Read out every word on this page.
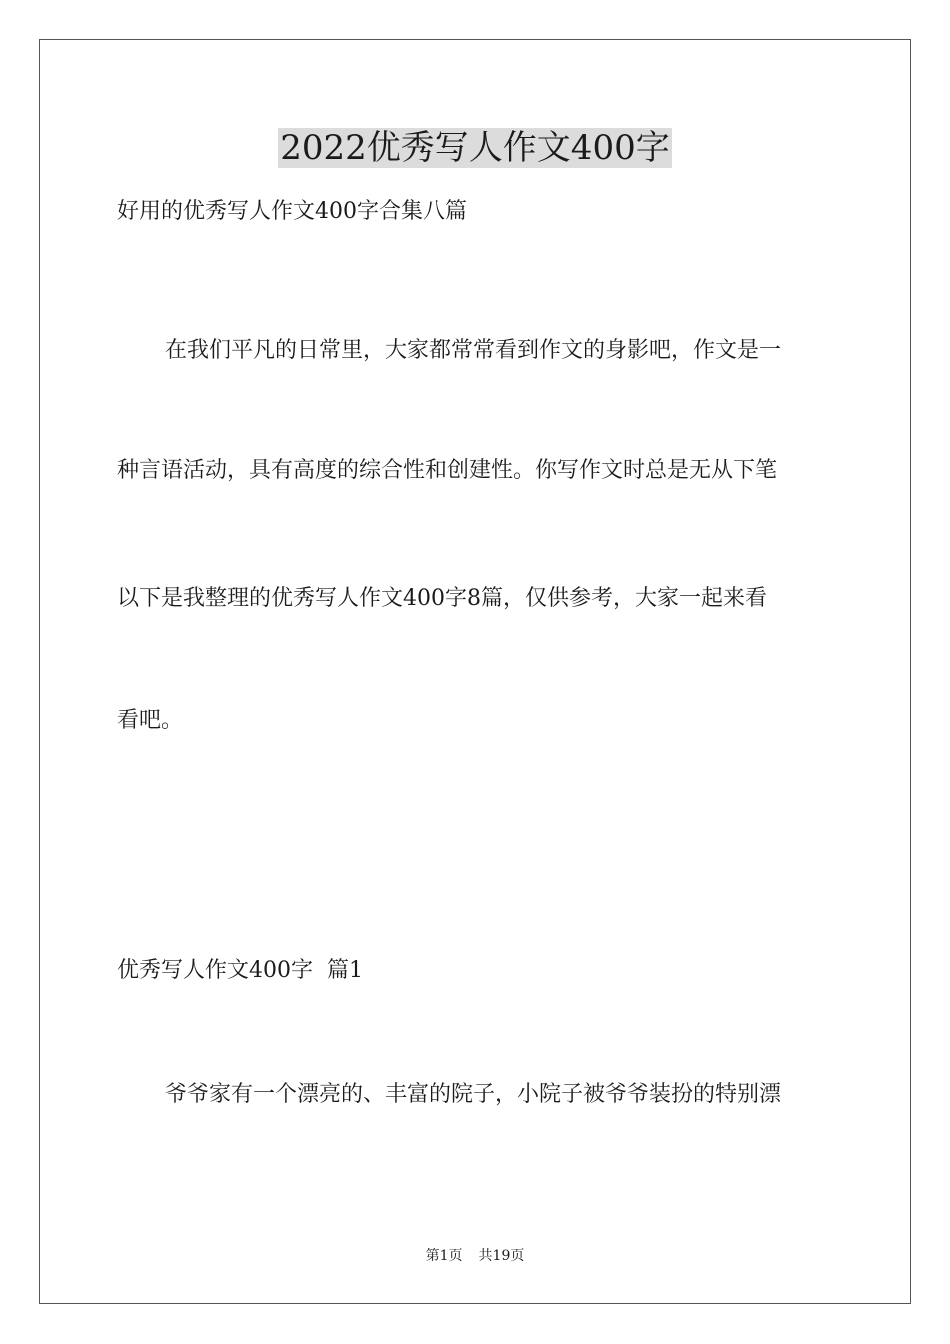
2022优秀写人作文400字
好用的优秀写人作文400字合集八篇
在我们平凡的日常里，大家都常常看到作文的身影吧，作文是一
种言语活动，具有高度的综合性和创建性。你写作文时总是无从下笔
以下是我整理的优秀写人作文400字8篇，仅供参考，大家一起来看
看吧。
优秀写人作文400字  篇1
爷爷家有一个漂亮的、丰富的院子，小院子被爷爷装扮的特别漂
第1页 共19页
